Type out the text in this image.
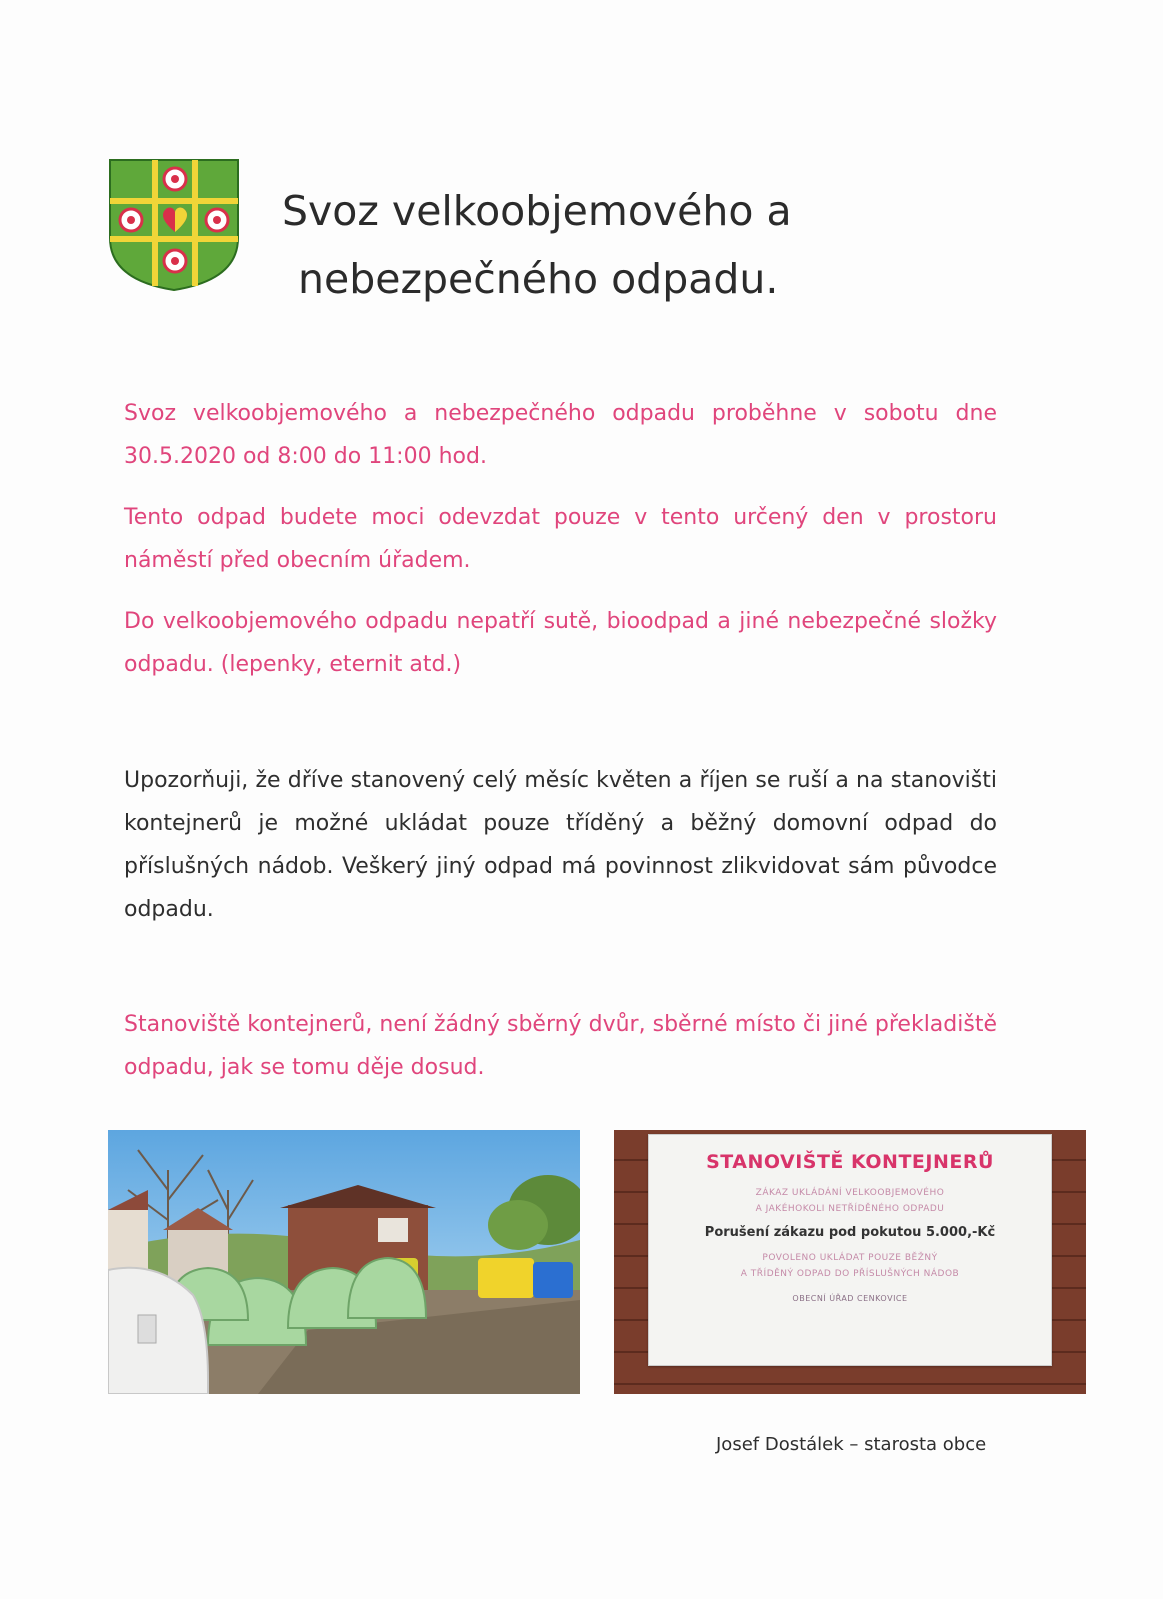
Svoz velkoobjemového a
nebezpečného odpadu.

Svoz velkoobjemového a nebezpečného odpadu proběhne v sobotu dne 30.5.2020 od 8:00 do 11:00 hod.

Tento odpad budete moci odevzdat pouze v tento určený den v prostoru náměstí před obecním úřadem.

Do velkoobjemového odpadu nepatří sutě, bioodpad a jiné nebezpečné složky odpadu. (lepenky, eternit atd.)

Upozorňuji, že dříve stanovený celý měsíc květen a říjen se ruší a na stanovišti kontejnerů je možné ukládat pouze tříděný a běžný domovní odpad do příslušných nádob. Veškerý jiný odpad má povinnost zlikvidovat sám původce odpadu.

Stanoviště kontejnerů, není žádný sběrný dvůr, sběrné místo či jiné překladiště odpadu, jak se tomu děje dosud.

STANOVIŠTĚ KONTEJNERŮ
ZÁKAZ UKLÁDÁNÍ VELKOOBJEMOVÉHO
A JAKÉHOKOLI NETŘÍDĚNÉHO ODPADU
Porušení zákazu pod pokutou 5.000,-Kč
POVOLENO UKLÁDAT POUZE BĚŽNÝ
A TŘÍDĚNÝ ODPAD DO PŘÍSLUŠNÝCH NÁDOB
OBECNÍ ÚŘAD CENKOVICE
Josef Dostálek – starosta obce
